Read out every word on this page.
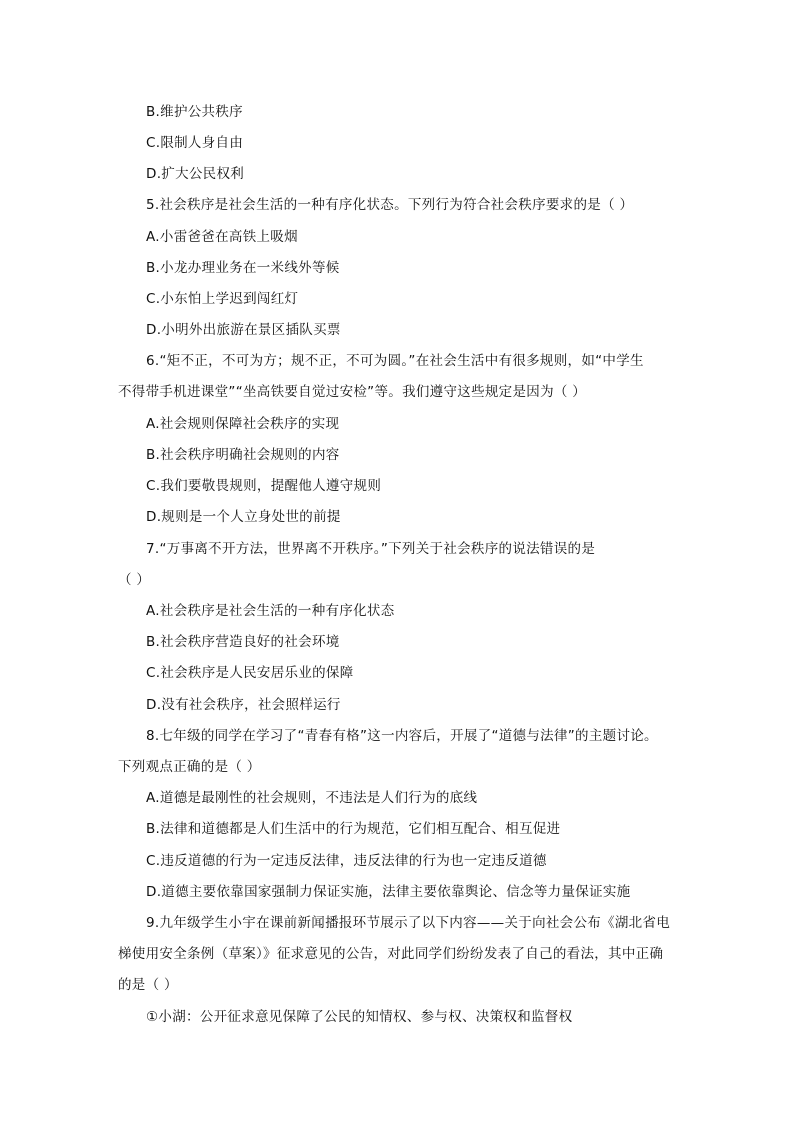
B.维护公共秩序
C.限制人身自由
D.扩大公民权利
5.社会秩序是社会生活的一种有序化状态。下列行为符合社会秩序要求的是（ ）
A.小雷爸爸在高铁上吸烟
B.小龙办理业务在一米线外等候
C.小东怕上学迟到闯红灯
D.小明外出旅游在景区插队买票
6.“矩不正，不可为方；规不正，不可为圆。”在社会生活中有很多规则，如“中学生
不得带手机进课堂”“坐高铁要自觉过安检”等。我们遵守这些规定是因为（ ）
A.社会规则保障社会秩序的实现
B.社会秩序明确社会规则的内容
C.我们要敬畏规则，提醒他人遵守规则
D.规则是一个人立身处世的前提
7.“万事离不开方法，世界离不开秩序。”下列关于社会秩序的说法错误的是
（ ）
A.社会秩序是社会生活的一种有序化状态
B.社会秩序营造良好的社会环境
C.社会秩序是人民安居乐业的保障
D.没有社会秩序，社会照样运行
8.七年级的同学在学习了“青春有格”这一内容后，开展了“道德与法律”的主题讨论。
下列观点正确的是（ ）
A.道德是最刚性的社会规则，不违法是人们行为的底线
B.法律和道德都是人们生活中的行为规范，它们相互配合、相互促进
C.违反道德的行为一定违反法律，违反法律的行为也一定违反道德
D.道德主要依靠国家强制力保证实施，法律主要依靠舆论、信念等力量保证实施
9.九年级学生小宇在课前新闻播报环节展示了以下内容——关于向社会公布《湖北省电
梯使用安全条例（草案）》征求意见的公告，对此同学们纷纷发表了自己的看法，其中正确
的是（ ）
①小湖：公开征求意见保障了公民的知情权、参与权、决策权和监督权
